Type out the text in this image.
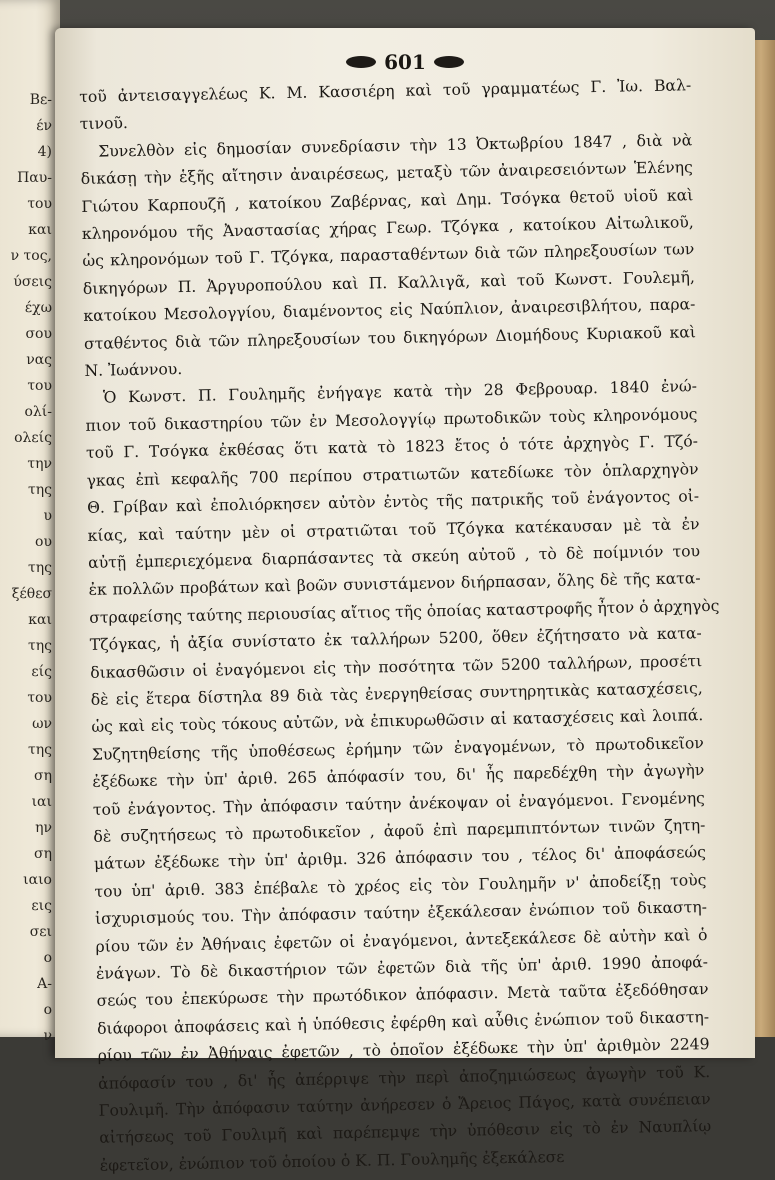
Βε-
έν
4)
Παυ-
του
και
ν τος,
ύσεις
έχω
σου
νας
του
ολί-
ολείς
την
της
υ
ου
της
ξέθεσ
και
της
είς
του
ων
της
ση
ιαι
ην
ση
ιαιο
εις
σει
ο
Α-
ο
ν
601
τοῦ ἀντεισαγγελέως Κ. Μ. Κασσιέρη καὶ τοῦ γραμματέως Γ. Ἰω. Βαλ-
τινοῦ.
Συνελθὸν εἰς δημοσίαν συνεδρίασιν τὴν 13 Ὀκτωβρίου 1847 , διὰ νὰ
δικάσῃ τὴν ἑξῆς αἴτησιν ἀναιρέσεως, μεταξὺ τῶν ἀναιρεσειόντων Ἑλένης
Γιώτου Καρπουζῆ , κατοίκου Ζαβέρνας, καὶ Δημ. Τσόγκα θετοῦ υἱοῦ καὶ
κληρονόμου τῆς Ἀναστασίας χήρας Γεωρ. Τζόγκα , κατοίκου Αἰτωλικοῦ,
ὡς κληρονόμων τοῦ Γ. Τζόγκα, παρασταθέντων διὰ τῶν πληρεξουσίων των
δικηγόρων Π. Ἀργυροπούλου καὶ Π. Καλλιγᾶ, καὶ τοῦ Κωνστ. Γουλεμῆ,
κατοίκου Μεσολογγίου, διαμένοντος εἰς Ναύπλιον, ἀναιρεσιβλήτου, παρα-
σταθέντος διὰ τῶν πληρεξουσίων του δικηγόρων Διομήδους Κυριακοῦ καὶ
Ν. Ἰωάννου.
Ὁ Κωνστ. Π. Γουλημῆς ἐνήγαγε κατὰ τὴν 28 Φεβρουαρ. 1840 ἐνώ-
πιον τοῦ δικαστηρίου τῶν ἐν Μεσολογγίῳ πρωτοδικῶν τοὺς κληρονόμους
τοῦ Γ. Τσόγκα ἐκθέσας ὅτι κατὰ τὸ 1823 ἔτος ὁ τότε ἀρχηγὸς Γ. Τζό-
γκας ἐπὶ κεφαλῆς 700 περίπου στρατιωτῶν κατεδίωκε τὸν ὁπλαρχηγὸν
Θ. Γρίβαν καὶ ἐπολιόρκησεν αὐτὸν ἐντὸς τῆς πατρικῆς τοῦ ἐνάγοντος οἰ-
κίας, καὶ ταύτην μὲν οἱ στρατιῶται τοῦ Τζόγκα κατέκαυσαν μὲ τὰ ἐν
αὐτῇ ἐμπεριεχόμενα διαρπάσαντες τὰ σκεύη αὐτοῦ , τὸ δὲ ποίμνιόν του
ἐκ πολλῶν προβάτων καὶ βοῶν συνιστάμενον διήρπασαν, ὅλης δὲ τῆς κατα-
στραφείσης ταύτης περιουσίας αἴτιος τῆς ὁποίας καταστροφῆς ἦτον ὁ ἀρχηγὸς
Τζόγκας, ἡ ἀξία συνίστατο ἐκ ταλλήρων 5200, ὅθεν ἐζήτησατο νὰ κατα-
δικασθῶσιν οἱ ἐναγόμενοι εἰς τὴν ποσότητα τῶν 5200 ταλλήρων, προσέτι
δὲ εἰς ἕτερα δίστηλα 89 διὰ τὰς ἐνεργηθείσας συντηρητικὰς κατασχέσεις,
ὡς καὶ εἰς τοὺς τόκους αὐτῶν, νὰ ἐπικυρωθῶσιν αἱ κατασχέσεις καὶ λοιπά.
Συζητηθείσης τῆς ὑποθέσεως ἐρήμην τῶν ἐναγομένων, τὸ πρωτοδικεῖον
ἐξέδωκε τὴν ὑπ' ἀριθ. 265 ἀπόφασίν του, δι' ἧς παρεδέχθη τὴν ἀγωγὴν
τοῦ ἐνάγοντος. Τὴν ἀπόφασιν ταύτην ἀνέκοψαν οἱ ἐναγόμενοι. Γενομένης
δὲ συζητήσεως τὸ πρωτοδικεῖον , ἀφοῦ ἐπὶ παρεμπιπτόντων τινῶν ζητη-
μάτων ἐξέδωκε τὴν ὑπ' ἀριθμ. 326 ἀπόφασιν του , τέλος δι' ἀποφάσεώς
του ὑπ' ἀριθ. 383 ἐπέβαλε τὸ χρέος εἰς τὸν Γουλημῆν ν' ἀποδείξῃ τοὺς
ἰσχυρισμούς του. Τὴν ἀπόφασιν ταύτην ἐξεκάλεσαν ἐνώπιον τοῦ δικαστη-
ρίου τῶν ἐν Ἀθήναις ἐφετῶν οἱ ἐναγόμενοι, ἀντεξεκάλεσε δὲ αὐτὴν καὶ ὁ
ἐνάγων. Τὸ δὲ δικαστήριον τῶν ἐφετῶν διὰ τῆς ὑπ' ἀριθ. 1990 ἀποφά-
σεώς του ἐπεκύρωσε τὴν πρωτόδικον ἀπόφασιν. Μετὰ ταῦτα ἐξεδόθησαν
διάφοροι ἀποφάσεις καὶ ἡ ὑπόθεσις ἐφέρθη καὶ αὖθις ἐνώπιον τοῦ δικαστη-
ρίου τῶν ἐν Ἀθήναις ἐφετῶν , τὸ ὁποῖον ἐξέδωκε τὴν ὑπ' ἀριθμὸν 2249
ἀπόφασίν του , δι' ἧς ἀπέρριψε τὴν περὶ ἀποζημιώσεως ἀγωγὴν τοῦ Κ.
Γουλιμῆ. Τὴν ἀπόφασιν ταύτην ἀνήρεσεν ὁ Ἄρειος Πάγος, κατὰ συνέπειαν
αἰτήσεως τοῦ Γουλιμῆ καὶ παρέπεμψε τὴν ὑπόθεσιν εἰς τὸ ἐν Ναυπλίῳ
ἐφετεῖον, ἐνώπιον τοῦ ὁποίου ὁ Κ. Π. Γουλημῆς ἐξεκάλεσε
